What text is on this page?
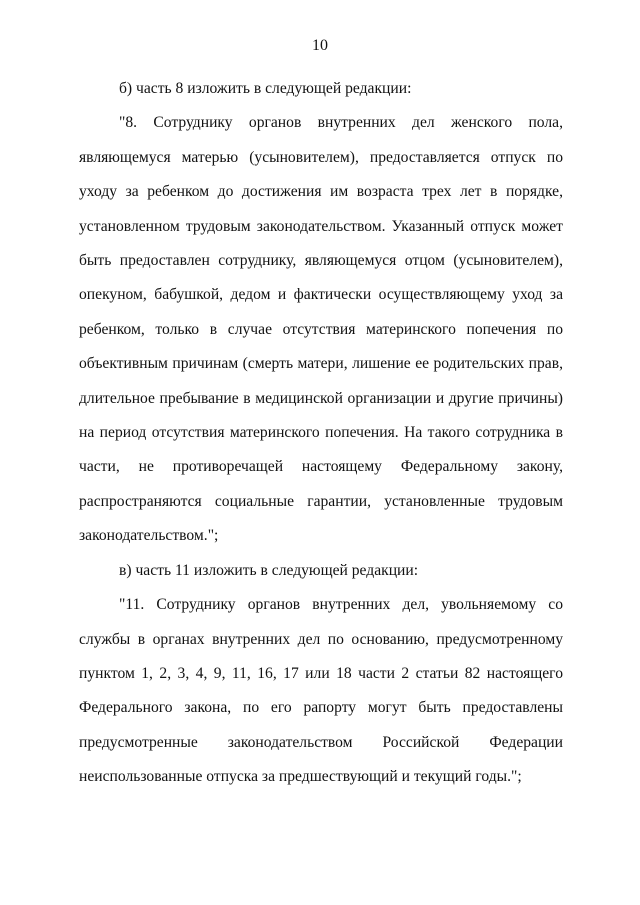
10

б) часть 8 изложить в следующей редакции:

"8. Сотруднику органов внутренних дел женского пола, являющемуся матерью (усыновителем), предоставляется отпуск по уходу за ребенком до достижения им возраста трех лет в порядке, установленном трудовым законодательством. Указанный отпуск может быть предоставлен сотруднику, являющемуся отцом (усыновителем), опекуном, бабушкой, дедом и фактически осуществляющему уход за ребенком, только в случае отсутствия материнского попечения по объективным причинам (смерть матери, лишение ее родительских прав, длительное пребывание в медицинской организации и другие причины) на период отсутствия материнского попечения. На такого сотрудника в части, не противоречащей настоящему Федеральному закону, распространяются социальные гарантии, установленные трудовым законодательством.";

в) часть 11 изложить в следующей редакции:

"11. Сотруднику органов внутренних дел, увольняемому со службы в органах внутренних дел по основанию, предусмотренному пунктом 1, 2, 3, 4, 9, 11, 16, 17 или 18 части 2 статьи 82 настоящего Федерального закона, по его рапорту могут быть предоставлены предусмотренные законодательством Российской Федерации неиспользованные отпуска за предшествующий и текущий годы.";
